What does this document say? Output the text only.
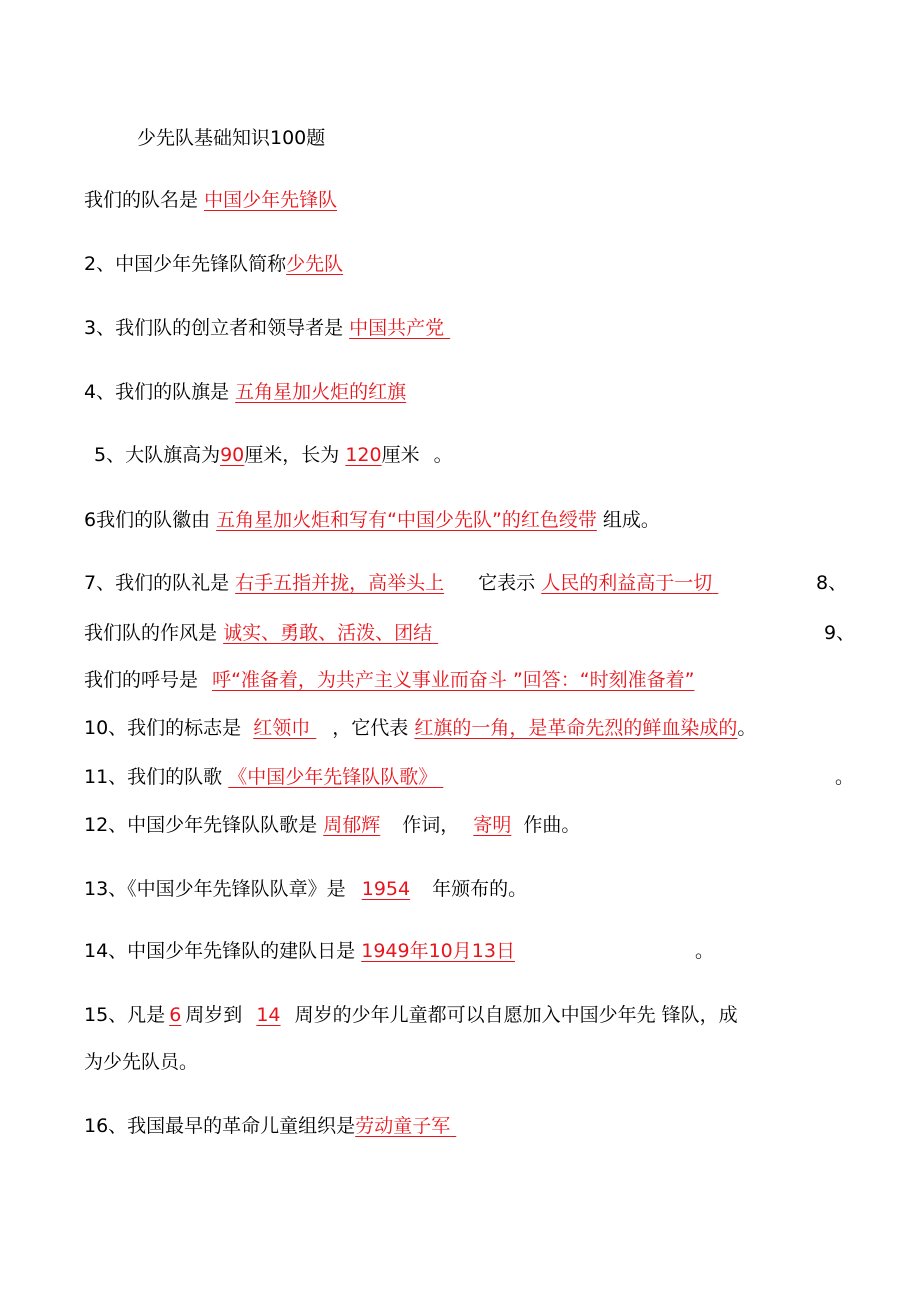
少先队基础知识100题
我们的队名是 中国少年先锋队
2、中国少年先锋队简称少先队
3、我们队的创立者和领导者是 中国共产党
4、我们的队旗是 五角星加火炬的红旗
5、大队旗高为90厘米，长为 120厘米 。
6我们的队徽由 五角星加火炬和写有“中国少先队”的红色绶带 组成。
7、我们的队礼是 右手五指并拢，高举头上 它表示 人民的利益高于一切	8、
我们队的作风是 诚实、勇敢、活泼、团结	9、
我们的呼号是 呼“准备着，为共产主义事业而奋斗 ”回答：“时刻准备着”
10、我们的标志是 红领巾 ，它代表 红旗的一角，是革命先烈的鲜血染成的。
11、我们的队歌 《中国少年先锋队队歌》	。
12、中国少年先锋队队歌是 周郁辉 作词， 寄明 作曲。
13、《中国少年先锋队队章》是 1954 年颁布的。
14、中国少年先锋队的建队日是 1949年10月13日	。
15、凡是 6 周岁到 14 周岁的少年儿童都可以自愿加入中国少年先 锋队，成
为少先队员。
16、我国最早的革命儿童组织是劳动童子军
